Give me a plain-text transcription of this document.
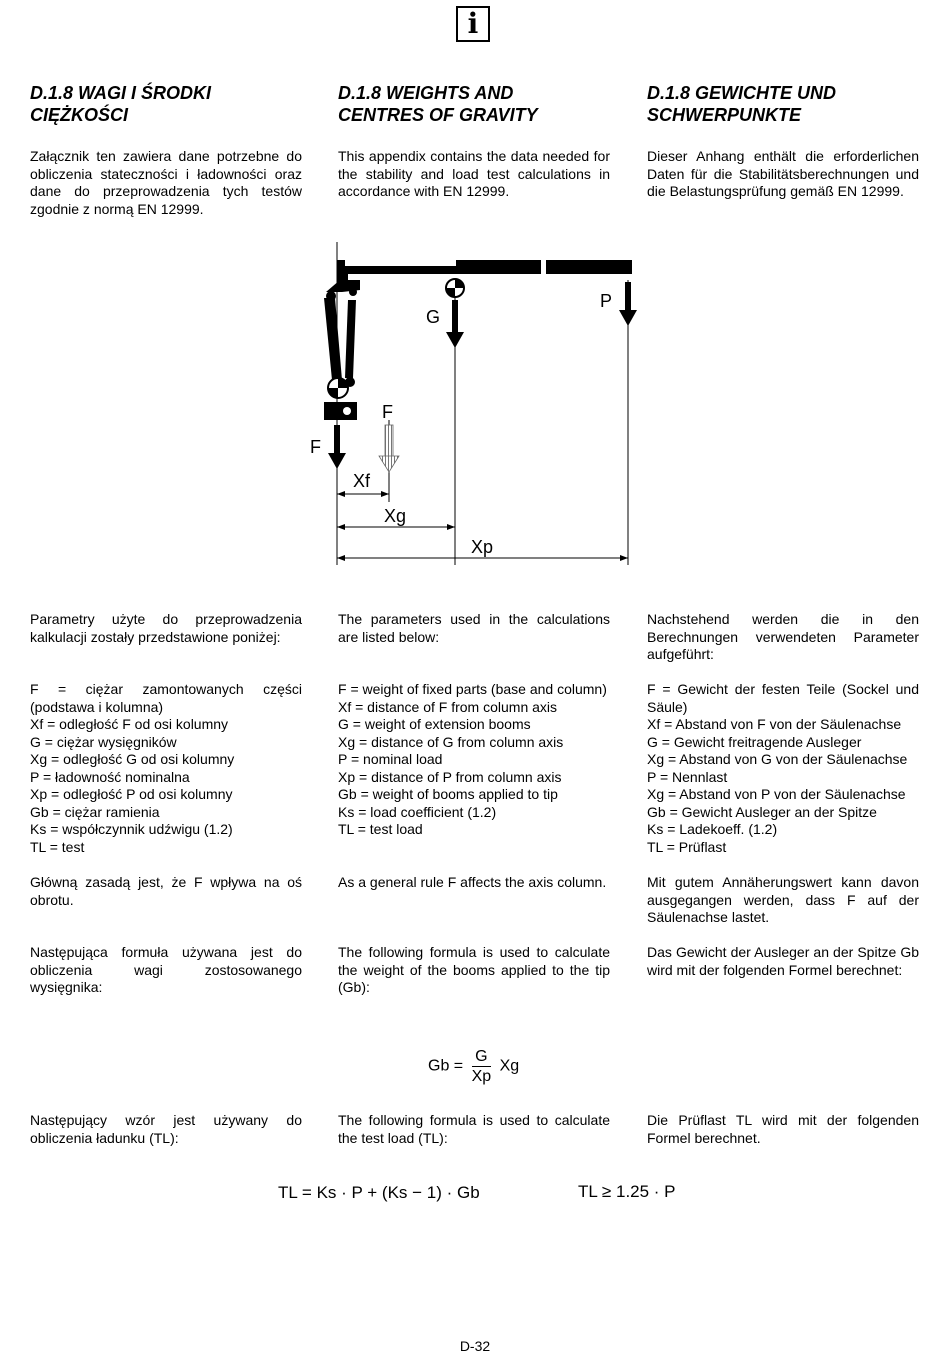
i
D.1.8 WAGI I ŚRODKI
CIĘŻKOŚCI
D.1.8 WEIGHTS AND
CENTRES OF GRAVITY
D.1.8 GEWICHTE UND
SCHWERPUNKTE

Załącznik ten zawiera dane potrzebne do obliczenia stateczności i ładowności oraz dane do przeprowadzenia tych testów zgodnie z normą EN 12999.

This appendix contains the data needed for the stability and load test calculations in accordance with EN 12999.

Dieser Anhang enthält die erforderlichen Daten für die Stabilitätsberechnungen und die Belastungsprüfung gemäß EN 12999.

G
P
F
F
Xf
Xg
Xp

Parametry użyte do przeprowadzenia kalkulacji zostały przedstawione poniżej:

The parameters used in the calculations are listed below:

Nachstehend werden die in den Berechnungen verwendeten Parameter aufgeführt:

F = ciężar zamontowanych części (podstawa i kolumna)
Xf = odległość F od osi kolumny
G = ciężar wysięgników
Xg = odległość G od osi kolumny
P = ładowność nominalna
Xp = odległość P od osi kolumny
Gb = ciężar ramienia
Ks = współczynnik udźwigu (1.2)
TL = test
F = weight of fixed parts (base and column)
Xf = distance of F from column axis
G = weight of extension booms
Xg = distance of G from column axis
P = nominal load
Xp = distance of P from column axis
Gb = weight of booms applied to tip
Ks = load coefficient (1.2)
TL = test load
F = Gewicht der festen Teile (Sockel und Säule)
Xf = Abstand von F von der Säulenachse
G = Gewicht freitragende Ausleger
Xg = Abstand von G von der Säulenachse
P = Nennlast
Xg = Abstand von P von der Säulenachse
Gb = Gewicht Ausleger an der Spitze
Ks = Ladekoeff. (1.2)
TL = Prüflast

Główną zasadą jest, że F wpływa na oś obrotu.

As a general rule F affects the axis column.	Mit gutem Annäherungswert kann davon ausgegangen werden, dass F auf der Säulenachse lastet.

Następująca formuła używana jest do obliczenia wagi zostosowanego wysięgnika:

The following formula is used to calculate the weight of the booms applied to the tip (Gb):

Das Gewicht der Ausleger an der Spitze Gb wird mit der folgenden Formel berechnet:

$Gb = \frac{G}{Xp}$ Xg

Następujący wzór jest używany do obliczenia ładunku (TL):

The following formula is used to calculate the test load (TL):

Die Prüflast TL wird mit der folgenden Formel berechnet.

TL = Ks · P + (Ks − 1) · Gb	TL ≥ 1.25 · P
D-32
